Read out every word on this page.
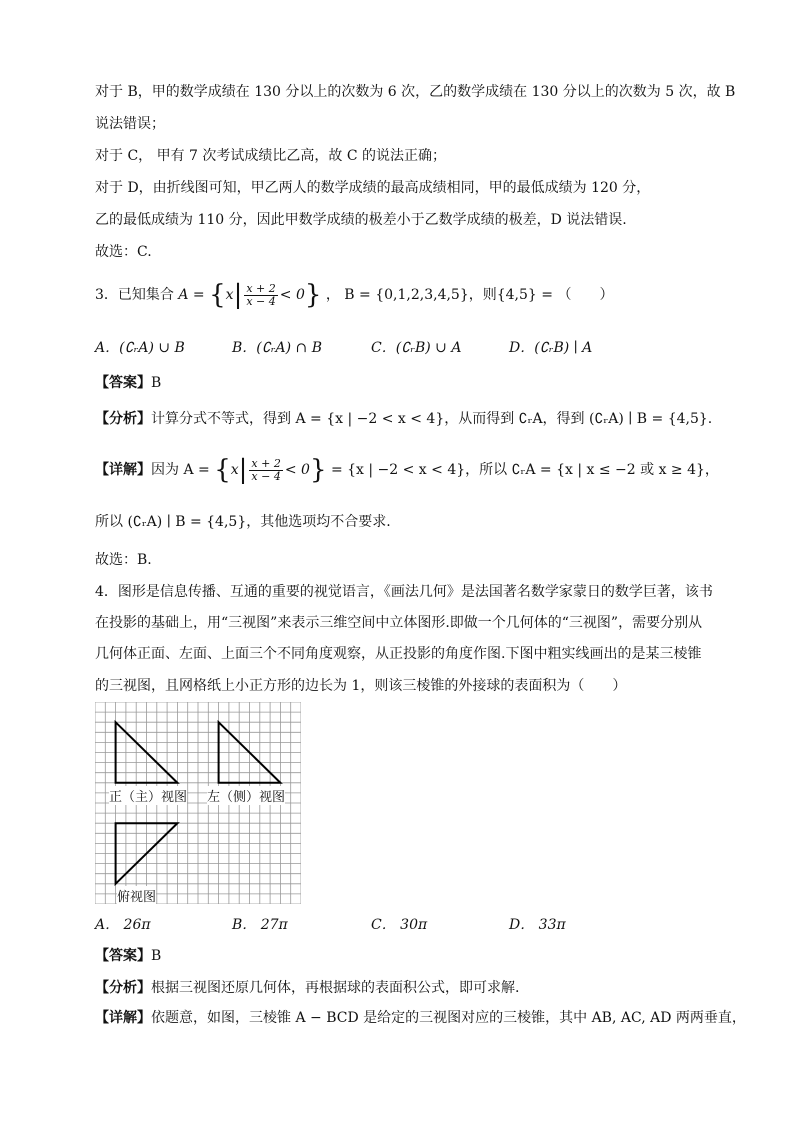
对于 B，甲的数学成绩在 130 分以上的次数为 6 次，乙的数学成绩在 130 分以上的次数为 5 次，故 B
说法错误；
对于 C， 甲有 7 次考试成绩比乙高，故 C 的说法正确；
对于 D，由折线图可知，甲乙两人的数学成绩的最高成绩相同，甲的最低成绩为 120 分，
乙的最低成绩为 110 分，因此甲数学成绩的极差小于乙数学成绩的极差，D 说法错误.
故选：C.
3．已知集合 $A = \{x| \frac{x + 2}{x - 4} < 0\}$ ， B = {0,1,2,3,4,5}，则{4,5} = （　　）
A．(∁ᵣA) ∪ B	B．(∁ᵣA) ∩ B	C．(∁ᵣB) ∪ A	D．(∁ᵣB) ∣ A
【答案】B
【分析】计算分式不等式，得到 A = {x | −2 < x < 4}，从而得到 ∁ᵣA，得到 (∁ᵣA) ∣ B = {4,5}.
【详解】因为 $A = \{x| \frac{x + 2}{x - 4} < 0\} = \{x$ | −2 < x < 4}，所以 ∁ᵣA = {x | x ≤ −2 或 x ≥ 4}，
所以 (∁ᵣA) ∣ B = {4,5}，其他选项均不合要求.
故选：B.
4．图形是信息传播、互通的重要的视觉语言，《画法几何》是法国著名数学家蒙日的数学巨著，该书
在投影的基础上，用“三视图”来表示三维空间中立体图形.即做一个几何体的“三视图”，需要分别从
几何体正面、左面、上面三个不同角度观察，从正投影的角度作图.下图中粗实线画出的是某三棱锥
的三视图，且网格纸上小正方形的边长为 1，则该三棱锥的外接球的表面积为（　　）
正（主）视图 左（侧）视图
俯视图
A． 26π	B． 27π	C． 30π	D． 33π
【答案】B
【分析】根据三视图还原几何体，再根据球的表面积公式，即可求解.
【详解】依题意，如图，三棱锥 A − BCD 是给定的三视图对应的三棱锥，其中 AB, AC, AD 两两垂直，
